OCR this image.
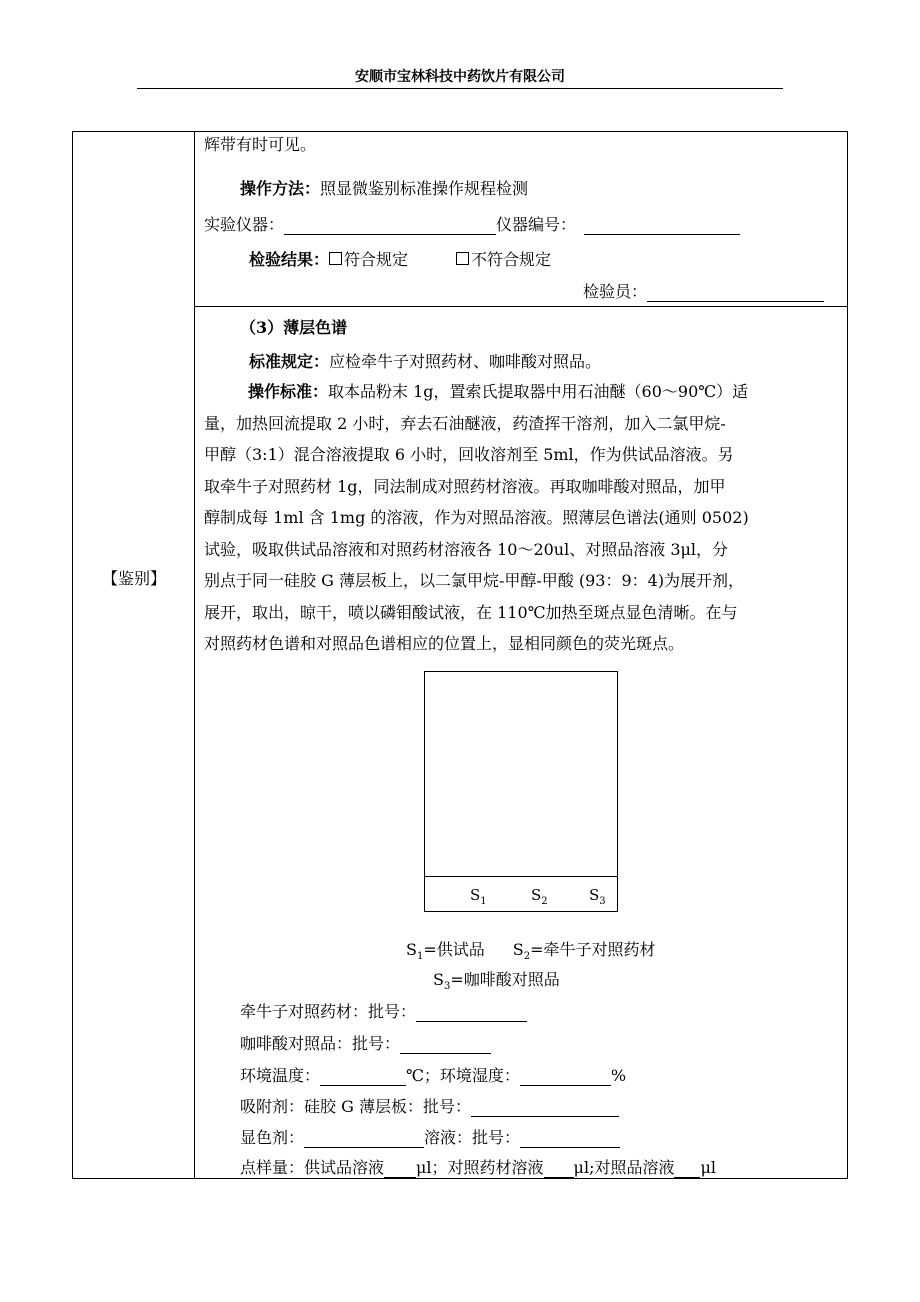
安顺市宝林科技中药饮片有限公司
【鉴别】
辉带有时可见。
操作方法：照显微鉴别标准操作规程检测
实验仪器：	仪器编号：
检验结果： 符合规定	不符合规定
检验员：
（3）薄层色谱
标准规定：应检牵牛子对照药材、咖啡酸对照品。
操作标准：取本品粉末 1g，置索氏提取器中用石油醚（60～90℃）适
量，加热回流提取 2 小时，弃去石油醚液，药渣挥干溶剂，加入二氯甲烷-
甲醇（3:1）混合溶液提取 6 小时，回收溶剂至 5ml，作为供试品溶液。另
取牵牛子对照药材 1g，同法制成对照药材溶液。再取咖啡酸对照品，加甲
醇制成每 1ml 含 1mg 的溶液，作为对照品溶液。照薄层色谱法(通则 0502)
试验，吸取供试品溶液和对照药材溶液各 10～20ul、对照品溶液 3μl，分
别点于同一硅胶 G 薄层板上，以二氯甲烷-甲醇-甲酸 (93：9：4)为展开剂，
展开，取出，晾干，喷以磷钼酸试液，在 110℃加热至斑点显色清晰。在与
对照药材色谱和对照品色谱相应的位置上，显相同颜色的荧光斑点。
$S_1$	$S_2$	$S_3$
$S_1=$供试品 $S_2=$牵牛子对照药材
$S_3=$咖啡酸对照品
牵牛子对照药材：批号：
咖啡酸对照品：批号：
环境温度：	℃；环境湿度：	%
吸附剂：硅胶 G 薄层板：批号：
显色剂：	溶液：批号：
点样量：供试品溶液 μl；对照药材溶液 μl;对照品溶液 μl
